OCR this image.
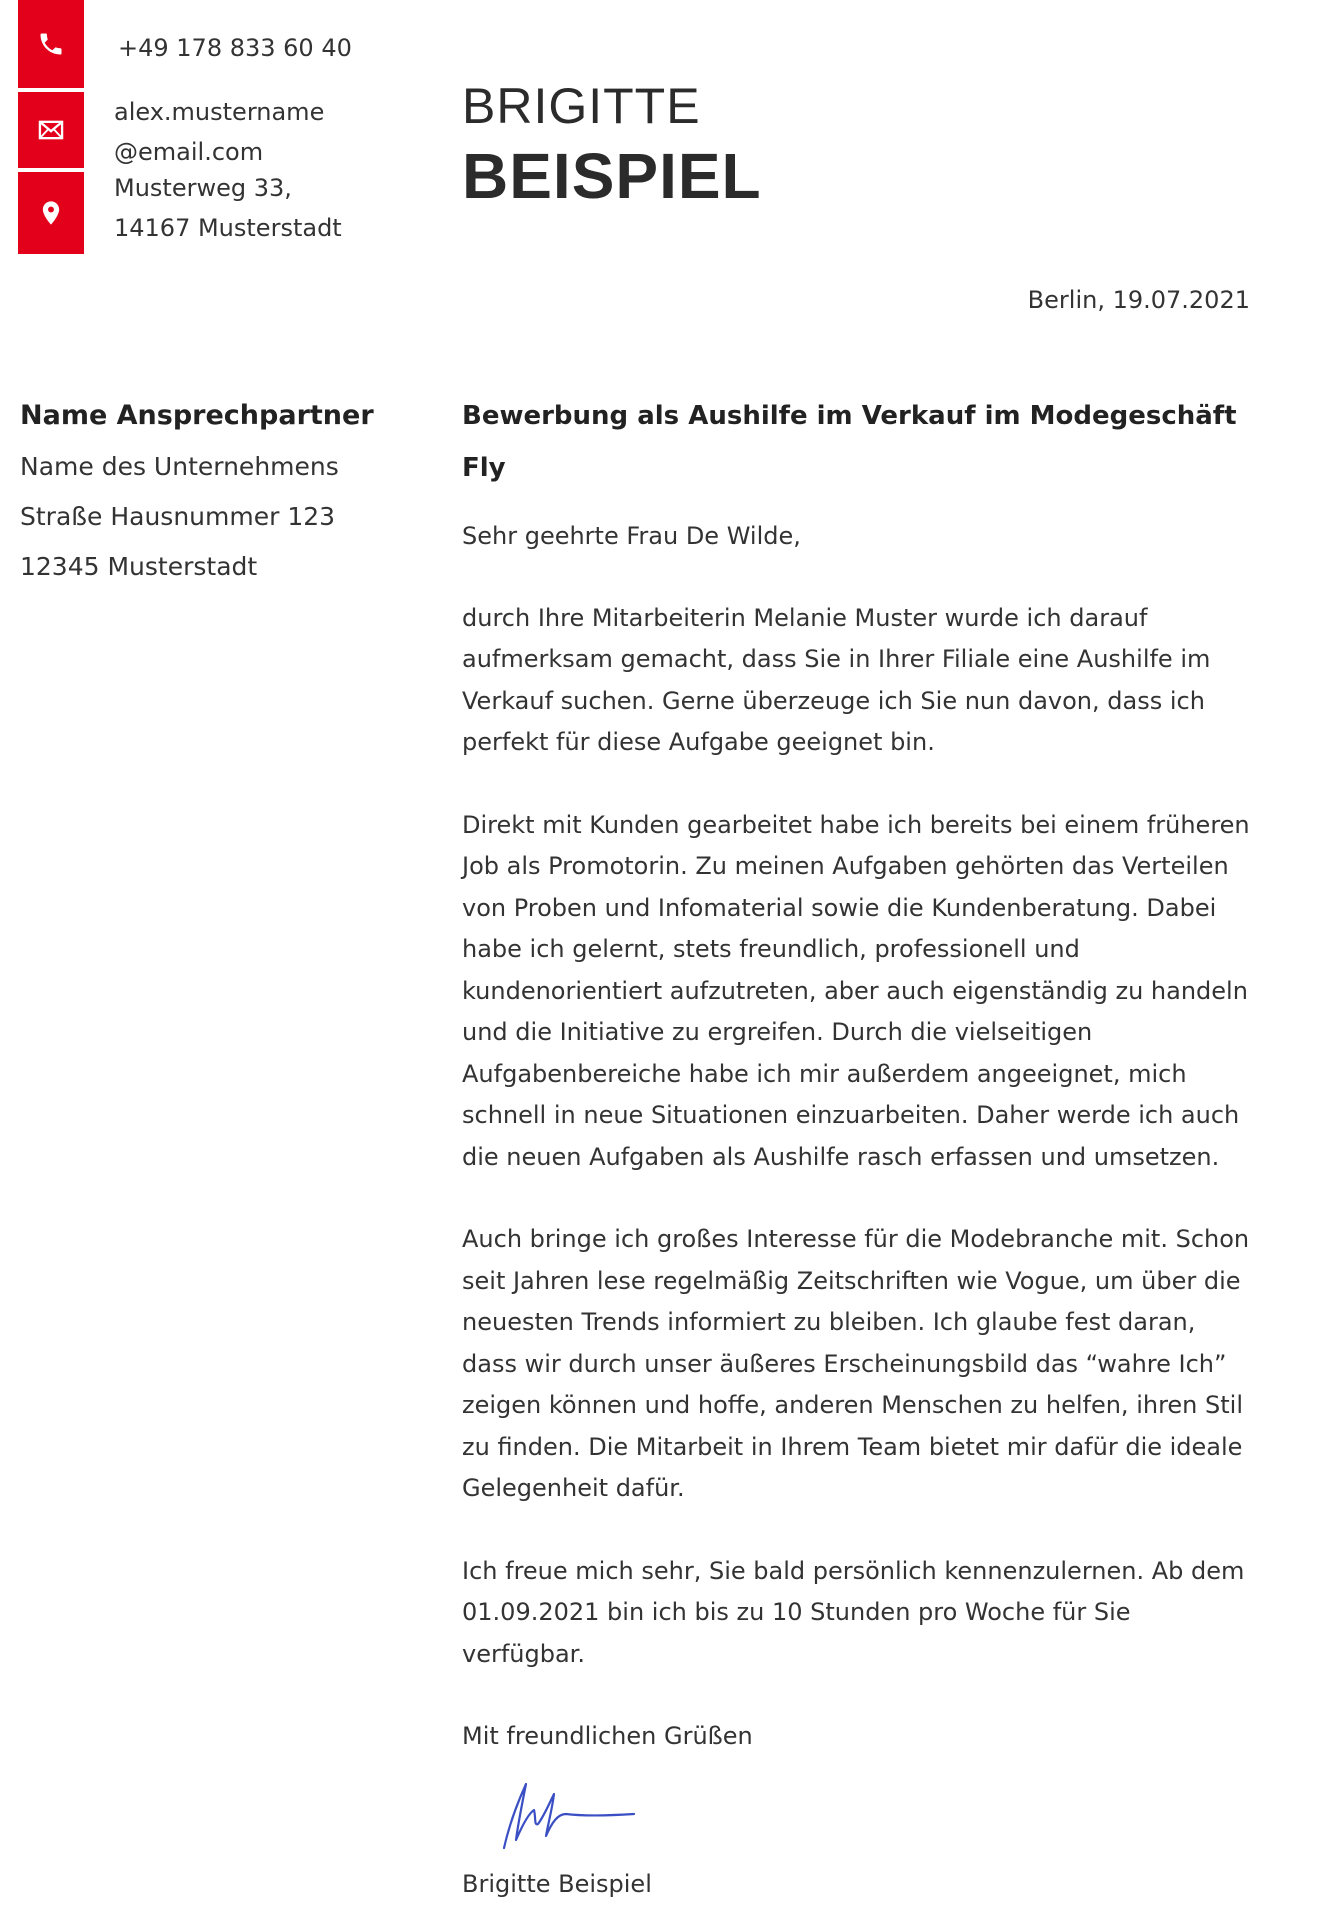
+49 178 833 60 40
alex.mustername
@email.com
Musterweg 33,
14167 Musterstadt
BRIGITTE
BEISPIEL
Berlin, 19.07.2021
Name Ansprechpartner
Name des Unternehmens
Straße Hausnummer 123
12345 Musterstadt

Bewerbung als Aushilfe im Verkauf im Modegeschäft Fly

Sehr geehrte Frau De Wilde,

durch Ihre Mitarbeiterin Melanie Muster wurde ich darauf aufmerksam gemacht, dass Sie in Ihrer Filiale eine Aushilfe im Verkauf suchen. Gerne überzeuge ich Sie nun davon, dass ich perfekt für diese Aufgabe geeignet bin.

Direkt mit Kunden gearbeitet habe ich bereits bei einem früheren Job als Promotorin. Zu meinen Aufgaben gehörten das Verteilen von Proben und Infomaterial sowie die Kundenberatung. Dabei habe ich gelernt, stets freundlich, professionell und kundenorientiert aufzutreten, aber auch eigenständig zu handeln und die Initiative zu ergreifen. Durch die vielseitigen Aufgabenbereiche habe ich mir außerdem angeeignet, mich schnell in neue Situationen einzuarbeiten. Daher werde ich auch die neuen Aufgaben als Aushilfe rasch erfassen und umsetzen.

Auch bringe ich großes Interesse für die Modebranche mit. Schon seit Jahren lese regelmäßig Zeitschriften wie Vogue, um über die neuesten Trends informiert zu bleiben. Ich glaube fest daran, dass wir durch unser äußeres Erscheinungsbild das “wahre Ich” zeigen können und hoffe, anderen Menschen zu helfen, ihren Stil zu finden. Die Mitarbeit in Ihrem Team bietet mir dafür die ideale Gelegenheit dafür.

Ich freue mich sehr, Sie bald persönlich kennenzulernen. Ab dem 01.09.2021 bin ich bis zu 10 Stunden pro Woche für Sie verfügbar.

Mit freundlichen Grüßen

Brigitte Beispiel
